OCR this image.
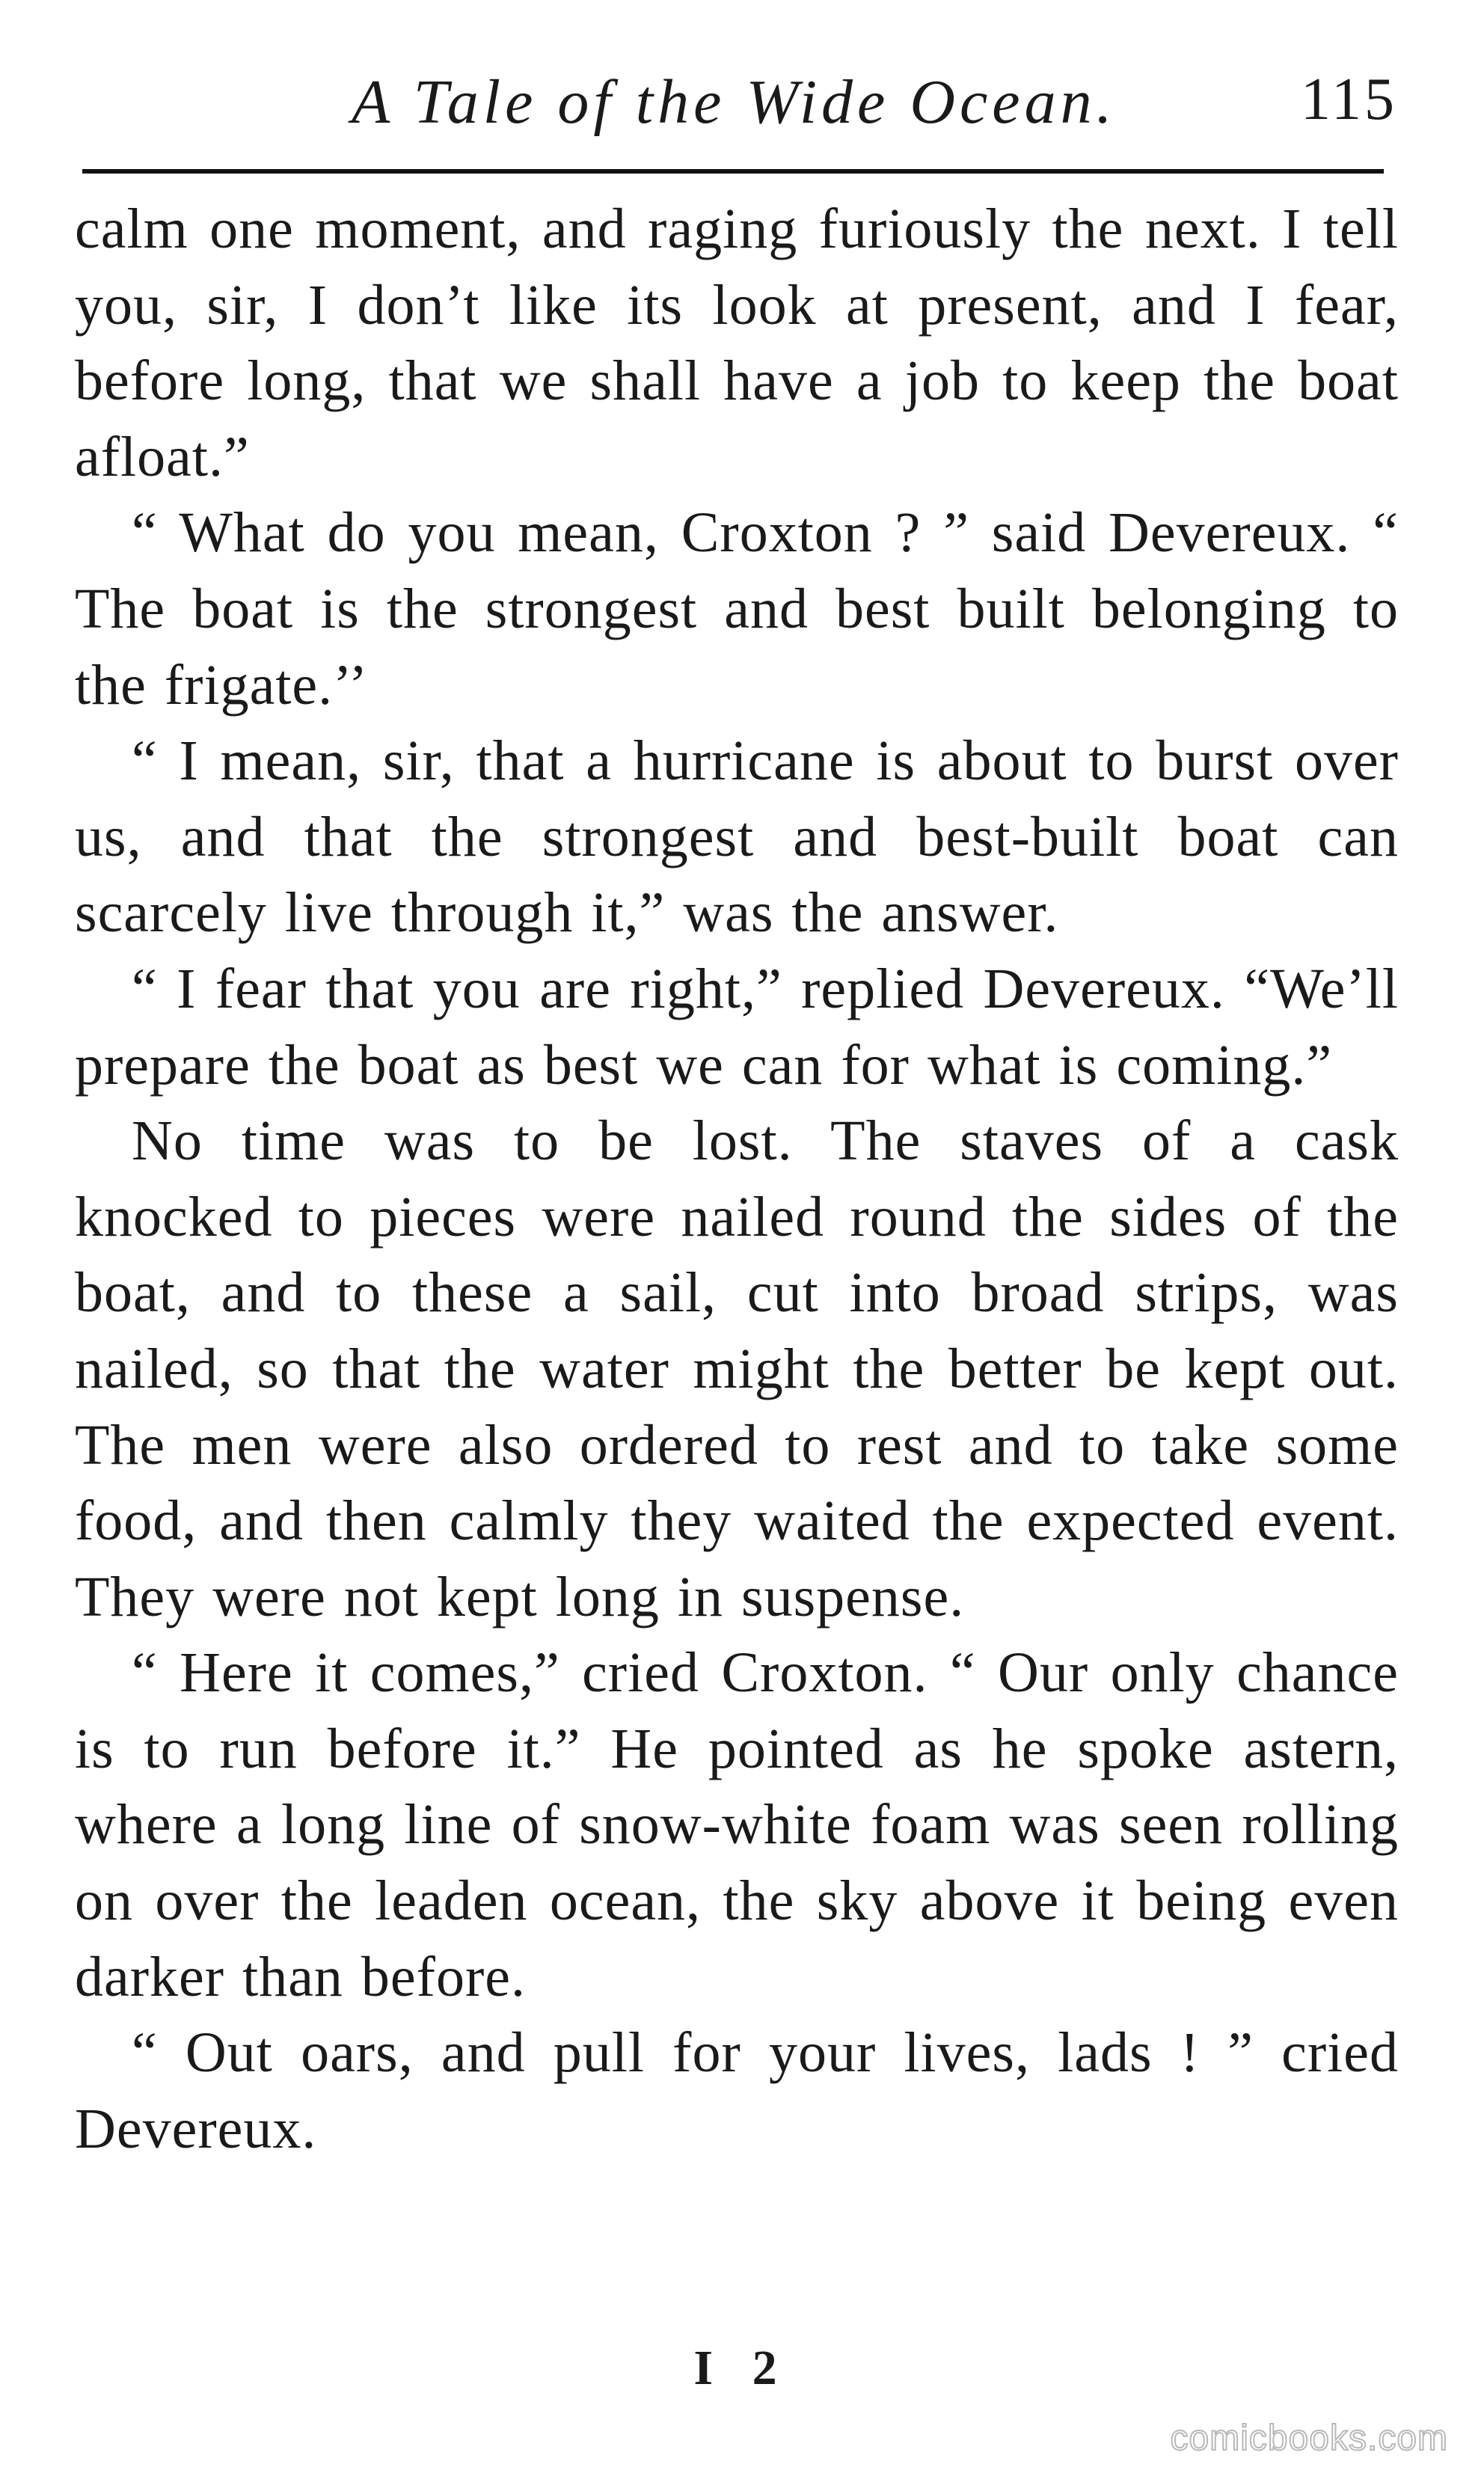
A Tale of the Wide Ocean.	115

calm one moment, and raging furiously the next. I tell you, sir, I don’t like its look at present, and I fear, before long, that we shall have a job to keep the boat afloat.”

“ What do you mean, Croxton ? ” said Devereux. “ The boat is the strongest and best built belonging to the frigate.’’

“ I mean, sir, that a hurricane is about to burst over us, and that the strongest and best-built boat can scarcely live through it,” was the answer.

“ I fear that you are right,” replied Devereux. “We’ll prepare the boat as best we can for what is coming.”

No time was to be lost. The staves of a cask knocked to pieces were nailed round the sides of the boat, and to these a sail, cut into broad strips, was nailed, so that the water might the better be kept out. The men were also ordered to rest and to take some food, and then calmly they waited the expected event. They were not kept long in suspense.

“ Here it comes,” cried Croxton. “ Our only chance is to run before it.” He pointed as he spoke astern, where a long line of snow-white foam was seen rolling on over the leaden ocean, the sky above it being even darker than before.

“ Out oars, and pull for your lives, lads ! ” cried Devereux.

I 2
comicbooks.com
